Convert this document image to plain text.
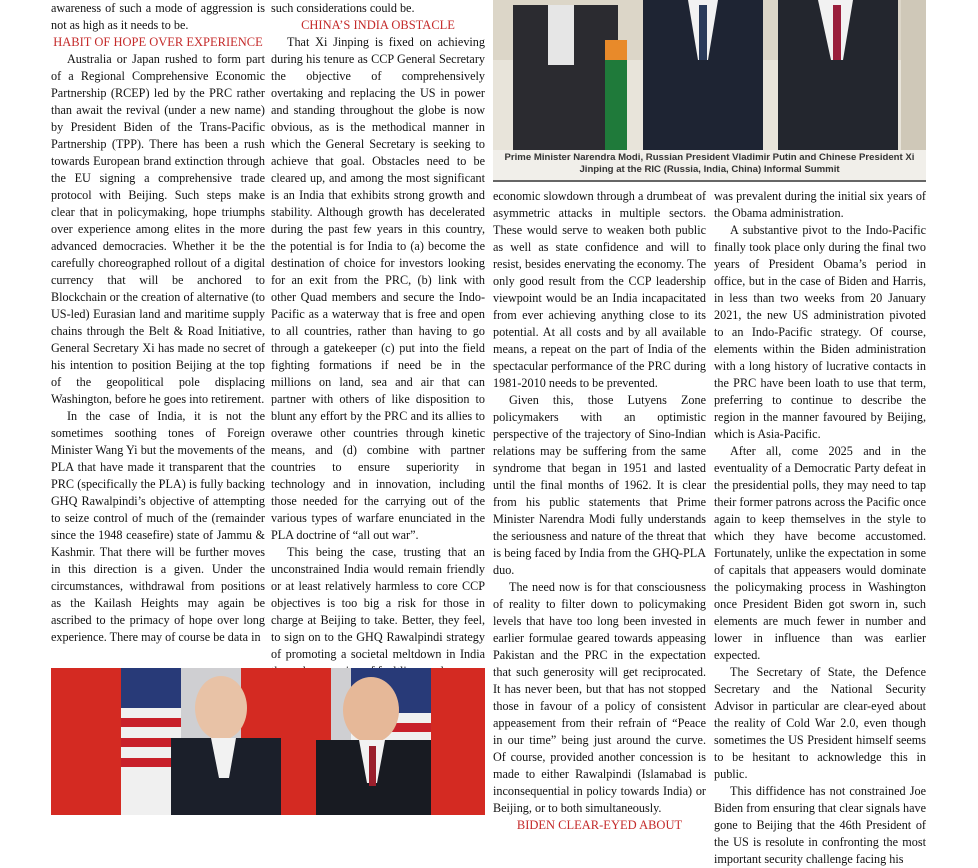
awareness of such a mode of aggression is not as high as it needs to be.

HABIT OF HOPE OVER EXPERIENCE

Australia or Japan rushed to form part of a Regional Comprehensive Economic Partnership (RCEP) led by the PRC rather than await the revival (under a new name) by President Biden of the Trans-Pacific Partnership (TPP). There has been a rush towards European brand extinction through the EU signing a comprehensive trade protocol with Beijing. Such steps make clear that in policymaking, hope triumphs over experience among elites in the more advanced democracies. Whether it be the carefully choreographed rollout of a digital currency that will be anchored to Blockchain or the creation of alternative (to US-led) Eurasian land and maritime supply chains through the Belt & Road Initiative, General Secretary Xi has made no secret of his intention to position Beijing at the top of the geopolitical pole displacing Washington, before he goes into retirement.

In the case of India, it is not the sometimes soothing tones of Foreign Minister Wang Yi but the movements of the PLA that have made it transparent that the PRC (specifically the PLA) is fully backing GHQ Rawalpindi’s objective of attempting to seize control of much of the (remainder since the 1948 ceasefire) state of Jammu & Kashmir. That there will be further moves in this direction is a given. Under the circumstances, withdrawal from positions as the Kailash Heights may again be ascribed to the primacy of hope over long experience. There may of course be data in

such considerations could be.

CHINA’S INDIA OBSTACLE

That Xi Jinping is fixed on achieving during his tenure as CCP General Secretary the objective of comprehensively overtaking and replacing the US in power and standing throughout the globe is now obvious, as is the methodical manner in which the General Secretary is seeking to achieve that goal. Obstacles need to be cleared up, and among the most significant is an India that exhibits strong growth and stability. Although growth has decelerated during the past few years in this country, the potential is for India to (a) become the destination of choice for investors looking for an exit from the PRC, (b) link with other Quad members and secure the Indo-Pacific as a waterway that is free and open to all countries, rather than having to go through a gatekeeper (c) put into the field fighting formations if need be in the millions on land, sea and air that can partner with others of like disposition to blunt any effort by the PRC and its allies to overawe other countries through kinetic means, and (d) combine with partner countries to ensure superiority in technology and in innovation, including those needed for the carrying out of the various types of warfare enunciated in the PLA doctrine of “all out war”.

This being the case, trusting that an unconstrained India would remain friendly or at least relatively harmless to core CCP objectives is too big a risk for those in charge at Beijing to take. Better, they feel, to sign on to the GHQ Rawalpindi strategy of promoting a societal meltdown in India

Prime Minister Narendra Modi, Russian President Vladimir Putin and Chinese President Xi Jinping at the RIC (Russia, India, China) Informal Summit

economic slowdown through a drumbeat of asymmetric attacks in multiple sectors. These would serve to weaken both public as well as state confidence and will to resist, besides enervating the economy. The only good result from the CCP leadership viewpoint would be an India incapacitated from ever achieving anything close to its potential. At all costs and by all available means, a repeat on the part of India of the spectacular performance of the PRC during 1981-2010 needs to be prevented.

Given this, those Lutyens Zone policymakers with an optimistic perspective of the trajectory of Sino-Indian relations may be suffering from the same syndrome that began in 1951 and lasted until the final months of 1962. It is clear from his public statements that Prime Minister Narendra Modi fully understands the seriousness and nature of the threat that is being faced by India from the GHQ-PLA duo.

The need now is for that consciousness of reality to filter down to policymaking levels that have too long been invested in earlier formulae geared towards appeasing Pakistan and the PRC in the expectation that such generosity will get reciprocated. It has never been, but that has not stopped those in favour of a policy of consistent appeasement from their refrain of “Peace in our time” being just around the curve. Of course, provided another concession is made to either Rawalpindi (Islamabad is inconsequential in policy towards India) or Beijing, or to both simultaneously.

BIDEN CLEAR-EYED ABOUT

was prevalent during the initial six years of the Obama administration.

A substantive pivot to the Indo-Pacific finally took place only during the final two years of President Obama’s period in office, but in the case of Biden and Harris, in less than two weeks from 20 January 2021, the new US administration pivoted to an Indo-Pacific strategy. Of course, elements within the Biden administration with a long history of lucrative contacts in the PRC have been loath to use that term, preferring to continue to describe the region in the manner favoured by Beijing, which is Asia-Pacific.

After all, come 2025 and in the eventuality of a Democratic Party defeat in the presidential polls, they may need to tap their former patrons across the Pacific once again to keep themselves in the style to which they have become accustomed. Fortunately, unlike the expectation in some of capitals that appeasers would dominate the policymaking process in Washington once President Biden got sworn in, such elements are much fewer in number and lower in influence than was earlier expected.

The Secretary of State, the Defence Secretary and the National Security Advisor in particular are clear-eyed about the reality of Cold War 2.0, even though sometimes the US President himself seems to be hesitant to acknowledge this in public.

This diffidence has not constrained Joe Biden from ensuring that clear signals have gone to Beijing that the 46th President of the US is resolute in confronting the most important security challenge facing his
